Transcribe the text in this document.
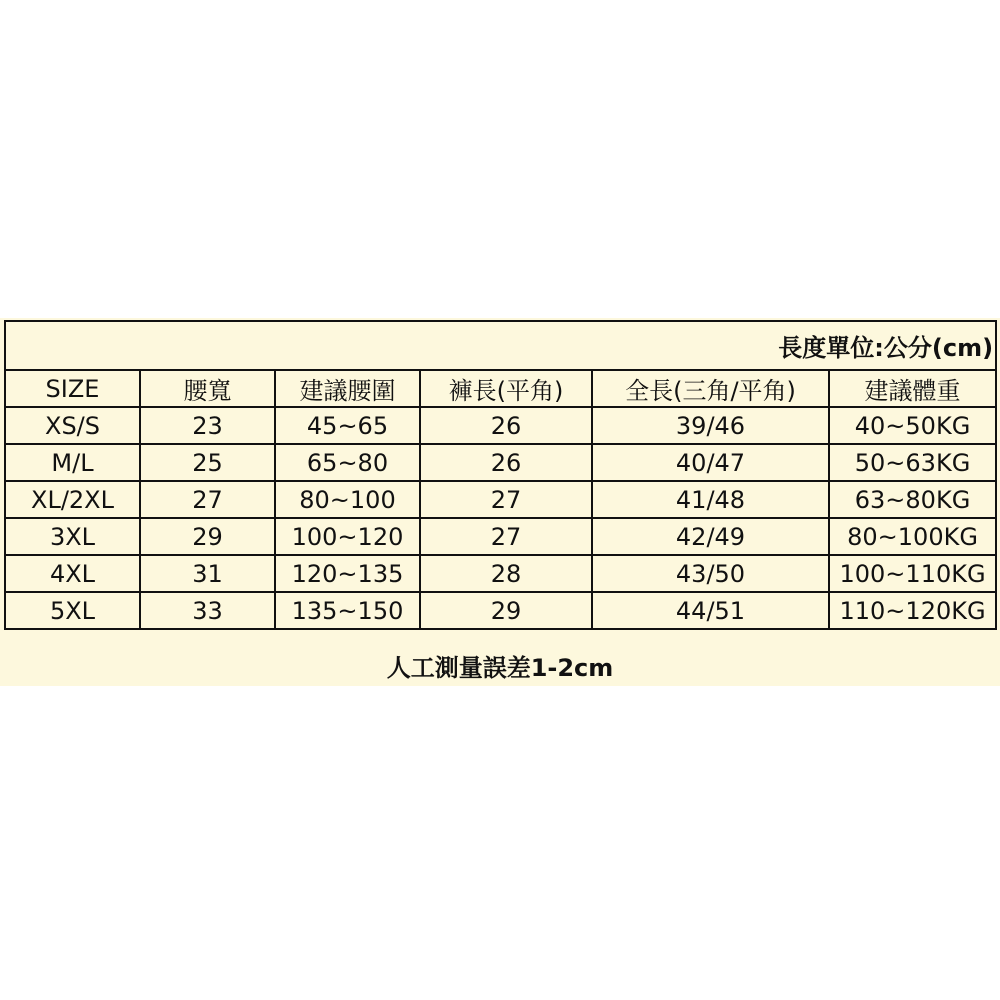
長度單位:公分(cm)					
SIZE	腰寬	建議腰圍	褲長(平角)	全長(三角/平角)	建議體重
XS/S	23	45~65	26	39/46	40~50KG
M/L	25	65~80	26	40/47	50~63KG
XL/2XL	27	80~100	27	41/48	63~80KG
3XL	29	100~120	27	42/49	80~100KG
4XL	31	120~135	28	43/50	100~110KG
5XL	33	135~150	29	44/51	110~120KG
人工測量誤差1-2cm
